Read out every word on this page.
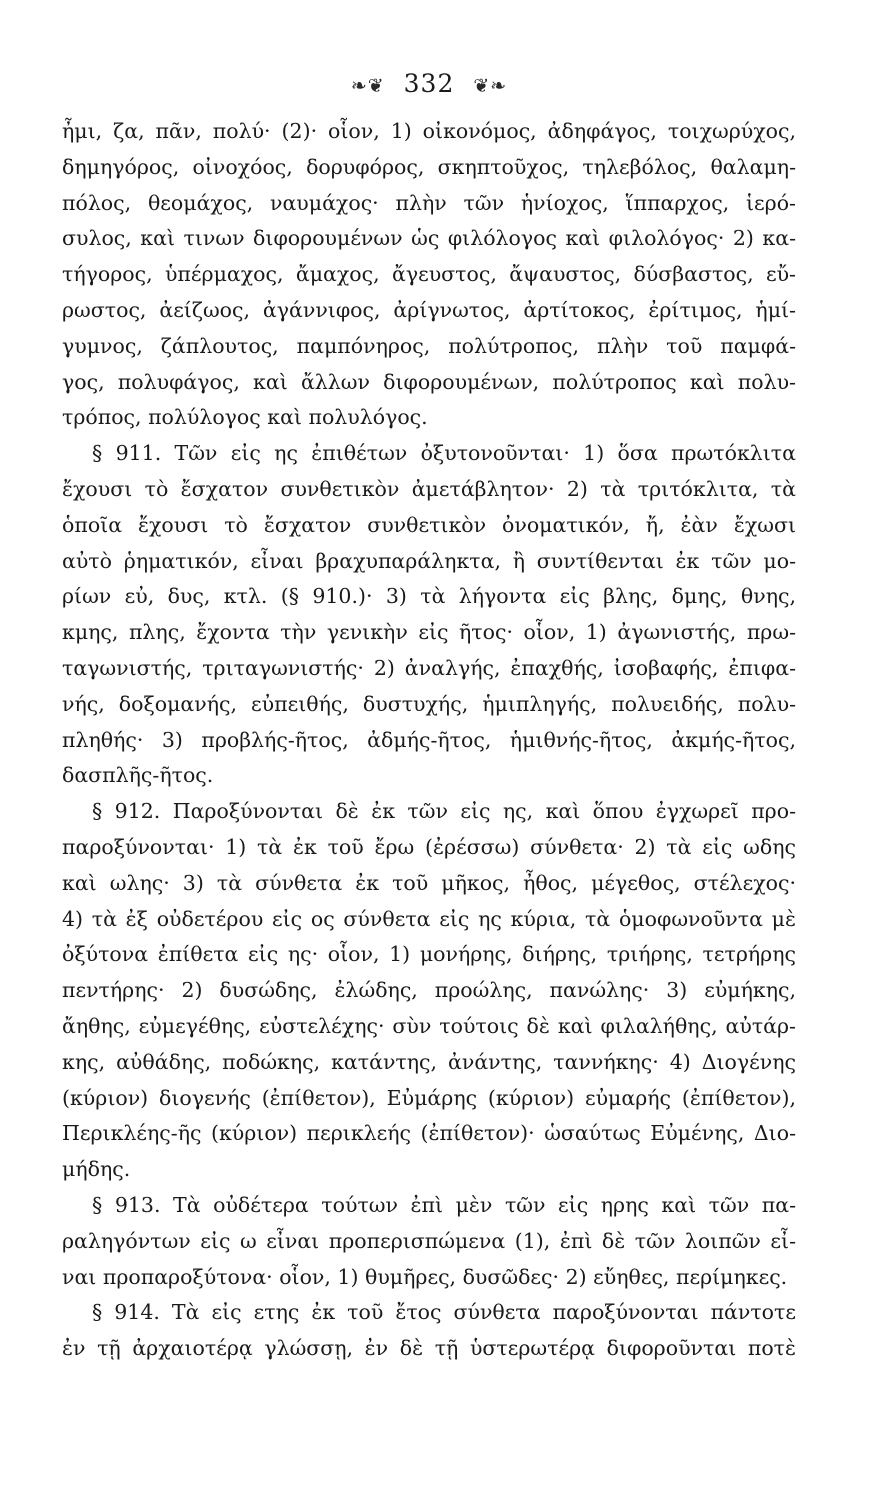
❧❦ 332 ❦❧
ἦμι, ζα, πᾶν, πολύ· (2)· οἷον, 1) οἰκονόμος, ἀδηφάγος, τοιχωρύχος,
δημηγόρος, οἰνοχόος, δορυφόρος, σκηπτοῦχος, τηλεβόλος, θαλαμη-
πόλος, θεομάχος, ναυμάχος· πλὴν τῶν ἡνίοχος, ἵππαρχος, ἱερό-
συλος, καὶ τινων διφορουμένων ὡς φιλόλογος καὶ φιλολόγος· 2) κα-
τήγορος, ὑπέρμαχος, ἄμαχος, ἄγευστος, ἄψαυστος, δύσβαστος, εὔ-
ρωστος, ἀείζωος, ἀγάννιφος, ἀρίγνωτος, ἀρτίτοκος, ἐρίτιμος, ἡμί-
γυμνος, ζάπλουτος, παμπόνηρος, πολύτροπος, πλὴν τοῦ παμφά-
γος, πολυφάγος, καὶ ἄλλων διφορουμένων, πολύτροπος καὶ πολυ-
τρόπος, πολύλογος καὶ πολυλόγος.
§ 911. Τῶν εἰς ης ἐπιθέτων ὀξυτονοῦνται· 1) ὅσα πρωτόκλιτα
ἔχουσι τὸ ἔσχατον συνθετικὸν ἀμετάβλητον· 2) τὰ τριτόκλιτα, τὰ
ὁποῖα ἔχουσι τὸ ἔσχατον συνθετικὸν ὀνοματικόν, ἤ, ἐὰν ἔχωσι
αὐτὸ ῥηματικόν, εἶναι βραχυπαράληκτα, ἢ συντίθενται ἐκ τῶν μο-
ρίων εὐ, δυς, κτλ. (§ 910.)· 3) τὰ λήγοντα εἰς βλης, δμης, θνης,
κμης, πλης, ἔχοντα τὴν γενικὴν εἰς ῆτος· οἷον, 1) ἀγωνιστής, πρω-
ταγωνιστής, τριταγωνιστής· 2) ἀναλγής, ἐπαχθής, ἰσοβαφής, ἐπιφα-
νής, δοξομανής, εὐπειθής, δυστυχής, ἡμιπληγής, πολυειδής, πολυ-
πληθής· 3) προβλής-ῆτος, ἀδμής-ῆτος, ἡμιθνής-ῆτος, ἀκμής-ῆτος,
δασπλῆς-ῆτος.
§ 912. Παροξύνονται δὲ ἐκ τῶν εἰς ης, καὶ ὅπου ἐγχωρεῖ προ-
παροξύνονται· 1) τὰ ἐκ τοῦ ἔρω (ἐρέσσω) σύνθετα· 2) τὰ εἰς ωδης
καὶ ωλης· 3) τὰ σύνθετα ἐκ τοῦ μῆκος, ἦθος, μέγεθος, στέλεχος·
4) τὰ ἐξ οὐδετέρου εἰς ος σύνθετα εἰς ης κύρια, τὰ ὁμοφωνοῦντα μὲ
ὀξύτονα ἐπίθετα εἰς ης· οἷον, 1) μονήρης, διήρης, τριήρης, τετρήρης
πεντήρης· 2) δυσώδης, ἐλώδης, προώλης, πανώλης· 3) εὐμήκης,
ἄηθης, εὐμεγέθης, εὐστελέχης· σὺν τούτοις δὲ καὶ φιλαλήθης, αὐτάρ-
κης, αὐθάδης, ποδώκης, κατάντης, ἀνάντης, ταννήκης· 4) Διογένης
(κύριον) διογενής (ἐπίθετον), Εὐμάρης (κύριον) εὐμαρής (ἐπίθετον),
Περικλέης-ῆς (κύριον) περικλεής (ἐπίθετον)· ὡσαύτως Εὐμένης, Διο-
μήδης.
§ 913. Τὰ οὐδέτερα τούτων ἐπὶ μὲν τῶν εἰς ηρης καὶ τῶν πα-
ραληγόντων εἰς ω εἶναι προπερισπώμενα (1), ἐπὶ δὲ τῶν λοιπῶν εἶ-
ναι προπαροξύτονα· οἷον, 1) θυμῆρες, δυσῶδες· 2) εὔηθες, περίμηκες.
§ 914. Τὰ εἰς ετης ἐκ τοῦ ἔτος σύνθετα παροξύνονται πάντοτε
ἐν τῇ ἀρχαιοτέρᾳ γλώσσῃ, ἐν δὲ τῇ ὑστερωτέρᾳ διφοροῦνται ποτὲ
